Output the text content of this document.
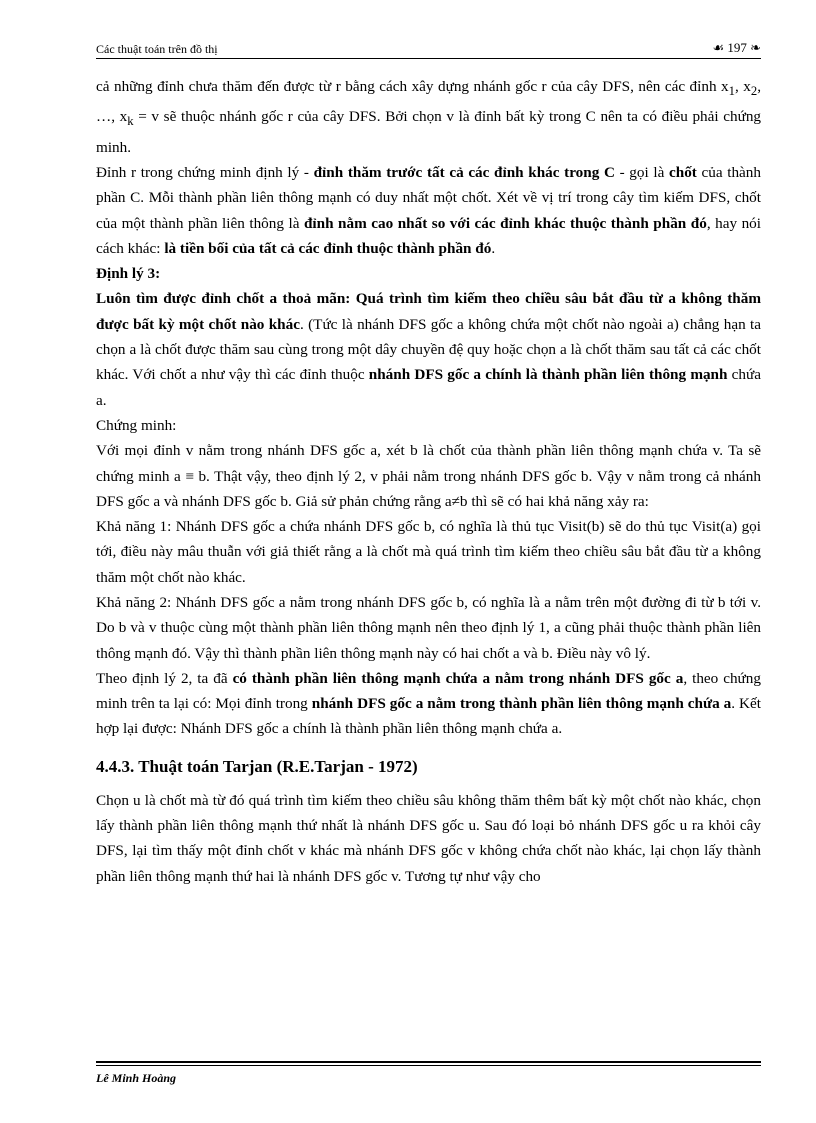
Các thuật toán trên đồ thị	☙ 197 ❧

cả những đỉnh chưa thăm đến được từ r bằng cách xây dựng nhánh gốc r của cây DFS, nên các đỉnh $x_1$, $x_2$, …, $x_k = v$ sẽ thuộc nhánh gốc r của cây DFS. Bởi chọn v là đỉnh bất kỳ trong C nên ta có điều phải chứng minh.

Đỉnh r trong chứng minh định lý - đỉnh thăm trước tất cả các đỉnh khác trong C - gọi là chốt của thành phần C. Mỗi thành phần liên thông mạnh có duy nhất một chốt. Xét về vị trí trong cây tìm kiếm DFS, chốt của một thành phần liên thông là đỉnh nằm cao nhất so với các đỉnh khác thuộc thành phần đó, hay nói cách khác: là tiền bối của tất cả các đỉnh thuộc thành phần đó.

Định lý 3:

Luôn tìm được đỉnh chốt a thoả mãn: Quá trình tìm kiếm theo chiều sâu bắt đầu từ a không thăm được bất kỳ một chốt nào khác. (Tức là nhánh DFS gốc a không chứa một chốt nào ngoài a) chẳng hạn ta chọn a là chốt được thăm sau cùng trong một dây chuyền đệ quy hoặc chọn a là chốt thăm sau tất cả các chốt khác. Với chốt a như vậy thì các đỉnh thuộc nhánh DFS gốc a chính là thành phần liên thông mạnh chứa a.

Chứng minh:

Với mọi đỉnh v nằm trong nhánh DFS gốc a, xét b là chốt của thành phần liên thông mạnh chứa v. Ta sẽ chứng minh a ≡ b. Thật vậy, theo định lý 2, v phải nằm trong nhánh DFS gốc b. Vậy v nằm trong cả nhánh DFS gốc a và nhánh DFS gốc b. Giả sử phản chứng rằng a≠b thì sẽ có hai khả năng xảy ra:

Khả năng 1: Nhánh DFS gốc a chứa nhánh DFS gốc b, có nghĩa là thủ tục Visit(b) sẽ do thủ tục Visit(a) gọi tới, điều này mâu thuẫn với giả thiết rằng a là chốt mà quá trình tìm kiếm theo chiều sâu bắt đầu từ a không thăm một chốt nào khác.

Khả năng 2: Nhánh DFS gốc a nằm trong nhánh DFS gốc b, có nghĩa là a nằm trên một đường đi từ b tới v. Do b và v thuộc cùng một thành phần liên thông mạnh nên theo định lý 1, a cũng phải thuộc thành phần liên thông mạnh đó. Vậy thì thành phần liên thông mạnh này có hai chốt a và b. Điều này vô lý.

Theo định lý 2, ta đã có thành phần liên thông mạnh chứa a nằm trong nhánh DFS gốc a, theo chứng minh trên ta lại có: Mọi đỉnh trong nhánh DFS gốc a nằm trong thành phần liên thông mạnh chứa a. Kết hợp lại được: Nhánh DFS gốc a chính là thành phần liên thông mạnh chứa a.

4.4.3. Thuật toán Tarjan (R.E.Tarjan - 1972)

Chọn u là chốt mà từ đó quá trình tìm kiếm theo chiều sâu không thăm thêm bất kỳ một chốt nào khác, chọn lấy thành phần liên thông mạnh thứ nhất là nhánh DFS gốc u. Sau đó loại bỏ nhánh DFS gốc u ra khỏi cây DFS, lại tìm thấy một đỉnh chốt v khác mà nhánh DFS gốc v không chứa chốt nào khác, lại chọn lấy thành phần liên thông mạnh thứ hai là nhánh DFS gốc v. Tương tự như vậy cho

Lê Minh Hoàng
